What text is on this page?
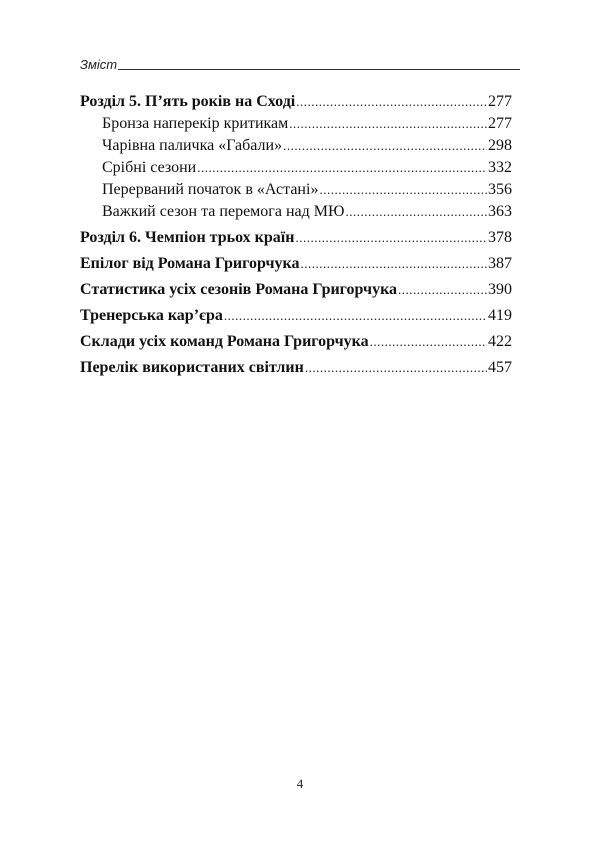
Зміст
Розділ 5. П’ять років на Сході .....	277
Бронза наперекір критикам .....	277
Чарівна паличка «Габали» .....	298
Срібні сезони .....	332
Перерваний початок в «Астані» .....	356
Важкий сезон та перемога над МЮ .....	363
Розділ 6. Чемпіон трьох країн .....	378
Епілог від Романа Григорчука .....	387
Статистика усіх сезонів Романа Григорчука .....	390
Тренерська кар’єра .....	419
Склади усіх команд Романа Григорчука .....	422
Перелік використаних світлин .....	457
4
